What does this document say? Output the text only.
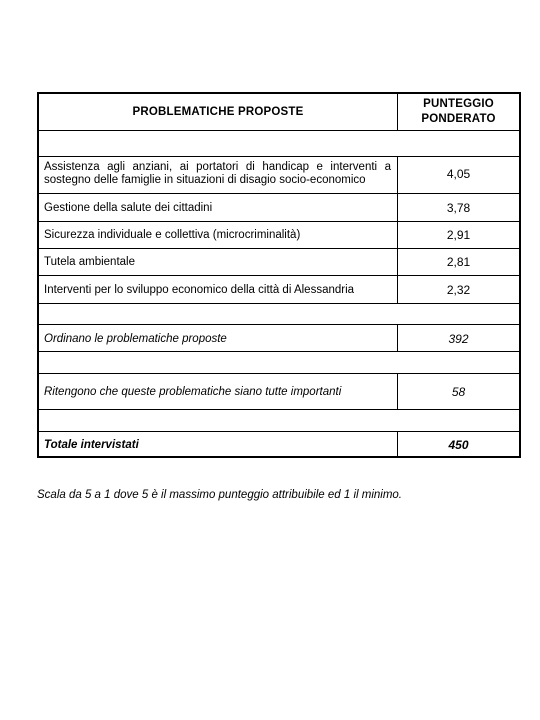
PROBLEMATICHE PROPOSTE
PUNTEGGIO
PONDERATO
Assistenza agli anziani, ai portatori di handicap e interventi a sostegno delle famiglie in situazioni di disagio socio-economico	4,05
Gestione della salute dei cittadini	3,78
Sicurezza individuale e collettiva (microcriminalità)	2,91
Tutela ambientale	2,81
Interventi per lo sviluppo economico della città di Alessandria	2,32
Ordinano le problematiche proposte	392
Ritengono che queste problematiche siano tutte importanti	58
Totale intervistati	450
Scala da 5 a 1 dove 5 è il massimo punteggio attribuibile ed 1 il minimo.
